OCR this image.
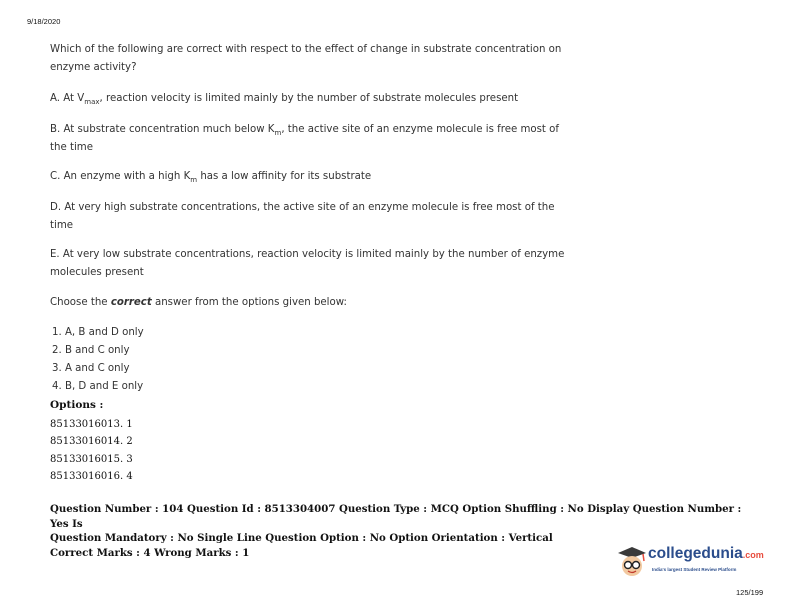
9/18/2020
Which of the following are correct with respect to the effect of change in substrate concentration on enzyme activity?
A. At $V_{max}$, reaction velocity is limited mainly by the number of substrate molecules present
B. At substrate concentration much below $K_m$, the active site of an enzyme molecule is free most of the time
C. An enzyme with a high $K_m$ has a low affinity for its substrate
D. At very high substrate concentrations, the active site of an enzyme molecule is free most of the time
E. At very low substrate concentrations, reaction velocity is limited mainly by the number of enzyme molecules present
Choose the correct answer from the options given below:
1. A, B and D only
2. B and C only
3. A and C only
4. B, D and E only
Options :
85133016013. 1
85133016014. 2
85133016015. 3
85133016016. 4
Question Number : 104 Question Id : 8513304007 Question Type : MCQ Option Shuffling : No Display Question Number : Yes Is
Question Mandatory : No Single Line Question Option : No Option Orientation : Vertical
Correct Marks : 4 Wrong Marks : 1	collegedunia.com
India's largest Student Review Platform
125/199
